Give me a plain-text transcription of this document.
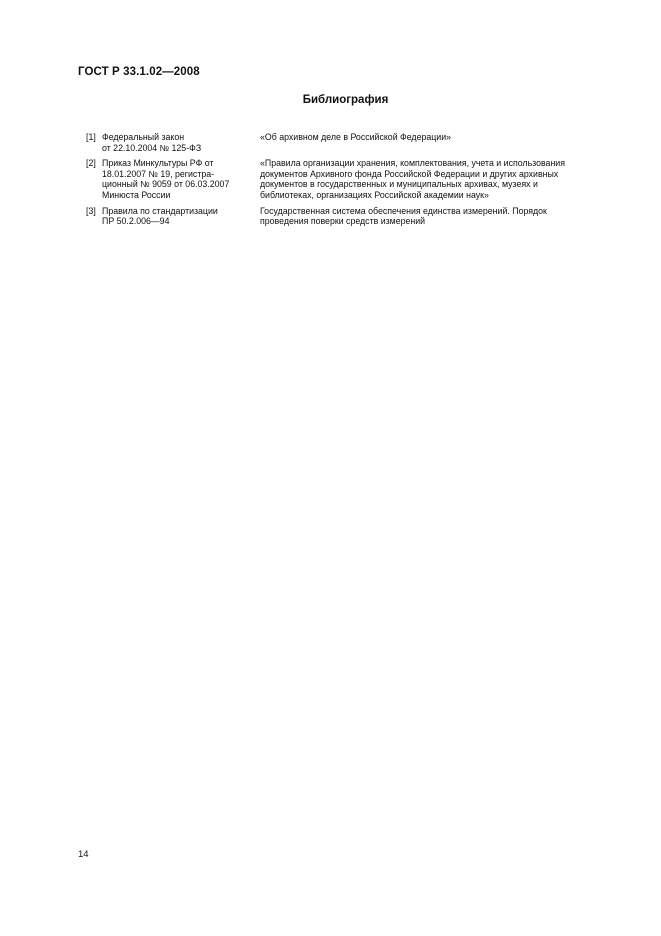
ГОСТ Р 33.1.02—2008
Библиография
[1] Федеральный закон
от 22.10.2004 № 125-ФЗ
«Об архивном деле в Российской Федерации»
[2] Приказ Минкультуры РФ от
18.01.2007 № 19, регистра-
ционный № 9059 от 06.03.2007
Минюста России
«Правила организации хранения, комплектования, учета и использования
документов Архивного фонда Российской Федерации и других архивных
документов в государственных и муниципальных архивах, музеях и
библиотеках, организациях Российской академии наук»
[3] Правила по стандартизации
ПР 50.2.006—94
Государственная система обеспечения единства измерений. Порядок
проведения поверки средств измерений
14
